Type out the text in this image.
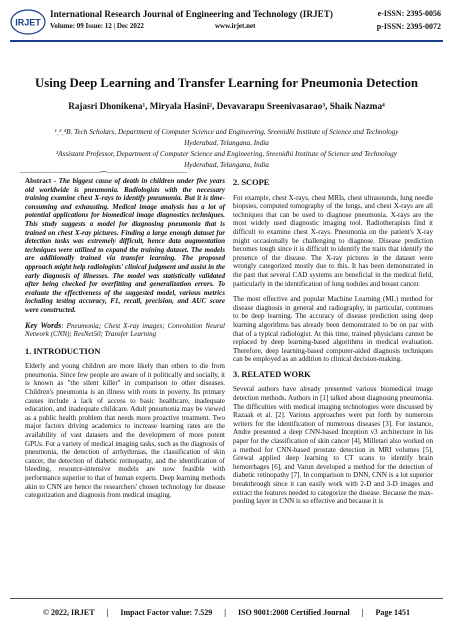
IRJET
International Research Journal of Engineering and Technology (IRJET)	e-ISSN: 2395-0056
Volume: 09 Issue: 12 | Dec 2022	www.irjet.net	p-ISSN: 2395-0072
Using Deep Learning and Transfer Learning for Pneumonia Detection
Rajasri Dhonikena¹, Miryala Hasini², Devavarapu Sreenivasarao³, Shaik Nazma⁴
¹ˎ²ˎ⁴B. Tech Scholars, Department of Computer Science and Engineering, Sreenidhi Institute of Science and Technology Hyderabad, Telangana, India
³Assistant Professor, Department of Computer Science and Engineering, Sreenidhi Institute of Science and Technology Hyderabad, Telangana, India
---------------------------------------------------------------------***---------------------------------------------------------------------

Abstract - The biggest cause of death in children under five years old worldwide is pneumonia. Radiologists with the necessary training examine chest X-rays to identify pneumonia. But it is time-consuming and exhausting. Medical image analysis has a lot of potential applications for biomedical image diagnostics techniques. This study suggests a model for diagnosing pneumonia that is trained on chest X-ray pictures. Finding a large enough dataset for detection tasks was extremely difficult, hence data augmentation techniques were utilized to expand the training dataset. The models are additionally trained via transfer learning. The proposed approach might help radiologists' clinical judgment and assist in the early diagnosis of illnesses. The model was statistically validated after being checked for overfitting and generalization errors. To evaluate the effectiveness of the suggested model, various metrics including testing accuracy, F1, recall, precision, and AUC score were constructed.

Key Words: Pneumonia; Chest X-ray images; Convolution Neural Network (CNN); ResNet50; Transfer Learning

1. INTRODUCTION

Elderly and young children are more likely than others to die from pneumonia. Since few people are aware of it politically and socially, it is known as "the silent killer" in comparison to other diseases. Children's pneumonia is an illness with roots in poverty. Its primary causes include a lack of access to basic healthcare, inadequate education, and inadequate childcare. Adult pneumonia may be viewed as a public health problem that needs more proactive treatment. Two major factors driving academics to increase learning rates are the availability of vast datasets and the development of more potent GPUs. For a variety of medical imaging tasks, such as the diagnosis of pneumonia, the detection of arrhythmias, the classification of skin cancer, the detection of diabetic retinopathy, and the identification of bleeding, resource-intensive models are now feasible with performance superior to that of human experts. Deep learning methods akin to CNN are hence the researchers' chosen technology for disease categorization and diagnosis from medical imaging.

2. SCOPE

For example, chest X-rays, chest MRIs, chest ultrasounds, lung needle biopsies, computed tomography of the lungs, and chest X-rays are all techniques that can be used to diagnose pneumonia. X-rays are the most widely used diagnostic imaging tool. Radiotherapists find it difficult to examine chest X-rays. Pneumonia on the patient's X-ray might occasionally be challenging to diagnose. Disease prediction becomes tough since it is difficult to identify the traits that identify the presence of the disease. The X-ray pictures in the dataset were wrongly categorized mostly due to this. It has been demonstrated in the past that several CAD systems are beneficial in the medical field, particularly in the identification of lung nodules and breast cancer.

The most effective and popular Machine Learning (ML) method for disease diagnosis in general and radiography, in particular, continues to be deep learning. The accuracy of disease prediction using deep learning algorithms has already been demonstrated to be on par with that of a typical radiologist. At this time, trained physicians cannot be replaced by deep learning-based algorithms in medical evaluation. Therefore, deep learning-based computer-aided diagnosis techniques can be employed as an addition to clinical decision-making.

3. RELATED WORK

Several authors have already presented various biomedical image detection methods. Authors in [1] talked about diagnosing pneumonia. The difficulties with medical imaging technologies were discussed by Razaak et al. [2]. Various approaches were put forth by numerous writers for the identification of numerous diseases [3]. For instance, Andre presented a deep CNN-based Inception v3 architecture in his paper for the classification of skin cancer [4], Milletari also worked on a method for CNN-based prostate detection in MRI volumes [5], Grewal applied deep learning to CT scans to identify brain hemorrhages [6], and Varun developed a method for the detection of diabetic retinopathy [7]. In comparison to DNN, CNN is a lot superior breakthrough since it can easily work with 2-D and 3-D images and extract the features needed to categorize the disease. Because the max-pooling layer in CNN is so effective and because it is

© 2022, IRJET | Impact Factor value: 7.529 | ISO 9001:2008 Certified Journal | Page 1451
